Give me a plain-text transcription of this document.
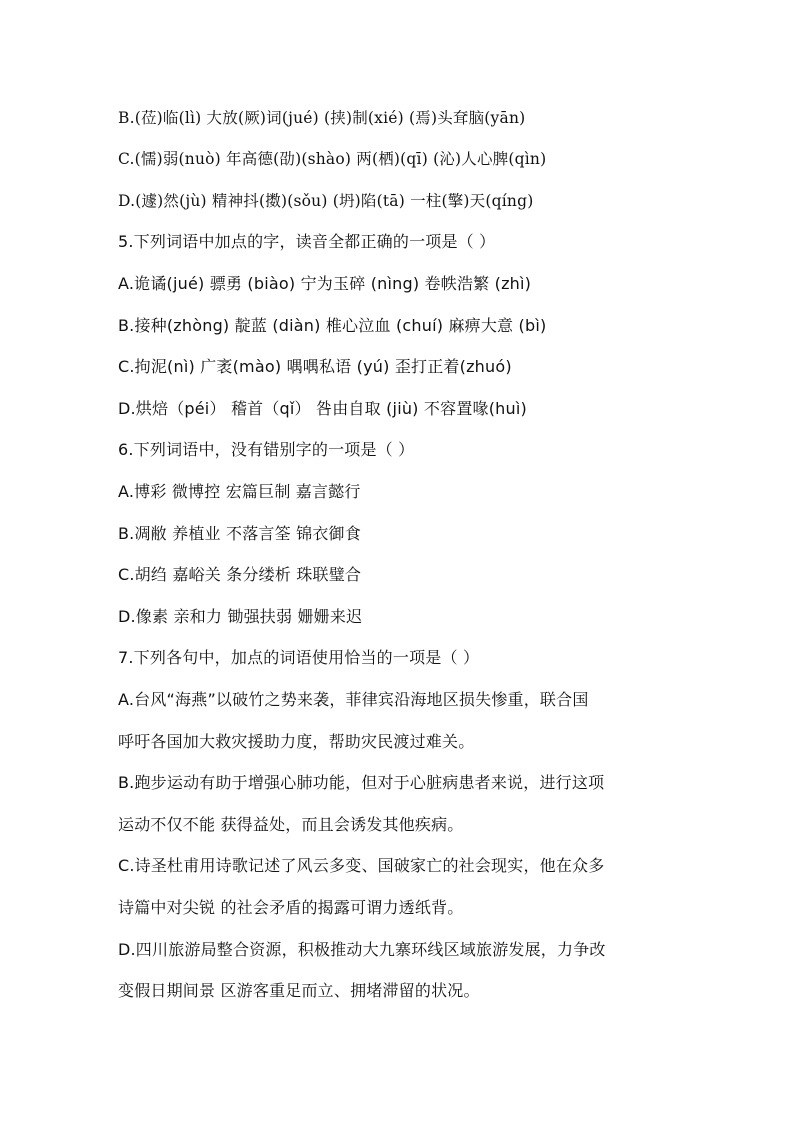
B.(莅)临(lì) 大放(厥)词(jué) (挟)制(xié) (焉)头耷脑(yān)
C.(懦)弱(nuò) 年高德(劭)(shào) 两(栖)(qī) (沁)人心脾(qìn)
D.(遽)然(jù) 精神抖(擞)(sǒu) (坍)陷(tā) 一柱(擎)天(qíng)
5.下列词语中加点的字，读音全都正确的一项是（ ）
A.诡谲(jué) 骠勇 (biào) 宁为玉碎 (nìng) 卷帙浩繁 (zhì)
B.接种(zhòng) 靛蓝 (diàn) 椎心泣血 (chuí) 麻痹大意 (bì)
C.拘泥(nì) 广袤(mào) 喁喁私语 (yú) 歪打正着(zhuó)
D.烘焙（péi） 稽首（qǐ） 咎由自取 (jiù) 不容置喙(huì)
6.下列词语中，没有错别字的一项是（ ）
A.博彩 微博控 宏篇巨制 嘉言懿行
B.凋敝 养植业 不落言筌 锦衣御食
C.胡绉 嘉峪关 条分缕析 珠联璧合
D.像素 亲和力 锄强扶弱 姗姗来迟
7.下列各句中，加点的词语使用恰当的一项是（ ）
A.台风“海燕”以破竹之势来袭，菲律宾沿海地区损失惨重，联合国
呼吁各国加大救灾援助力度，帮助灾民渡过难关。
B.跑步运动有助于增强心肺功能，但对于心脏病患者来说，进行这项
运动不仅不能 获得益处，而且会诱发其他疾病。
C.诗圣杜甫用诗歌记述了风云多变、国破家亡的社会现实，他在众多
诗篇中对尖锐 的社会矛盾的揭露可谓力透纸背。
D.四川旅游局整合资源，积极推动大九寨环线区域旅游发展，力争改
变假日期间景 区游客重足而立、拥堵滞留的状况。
